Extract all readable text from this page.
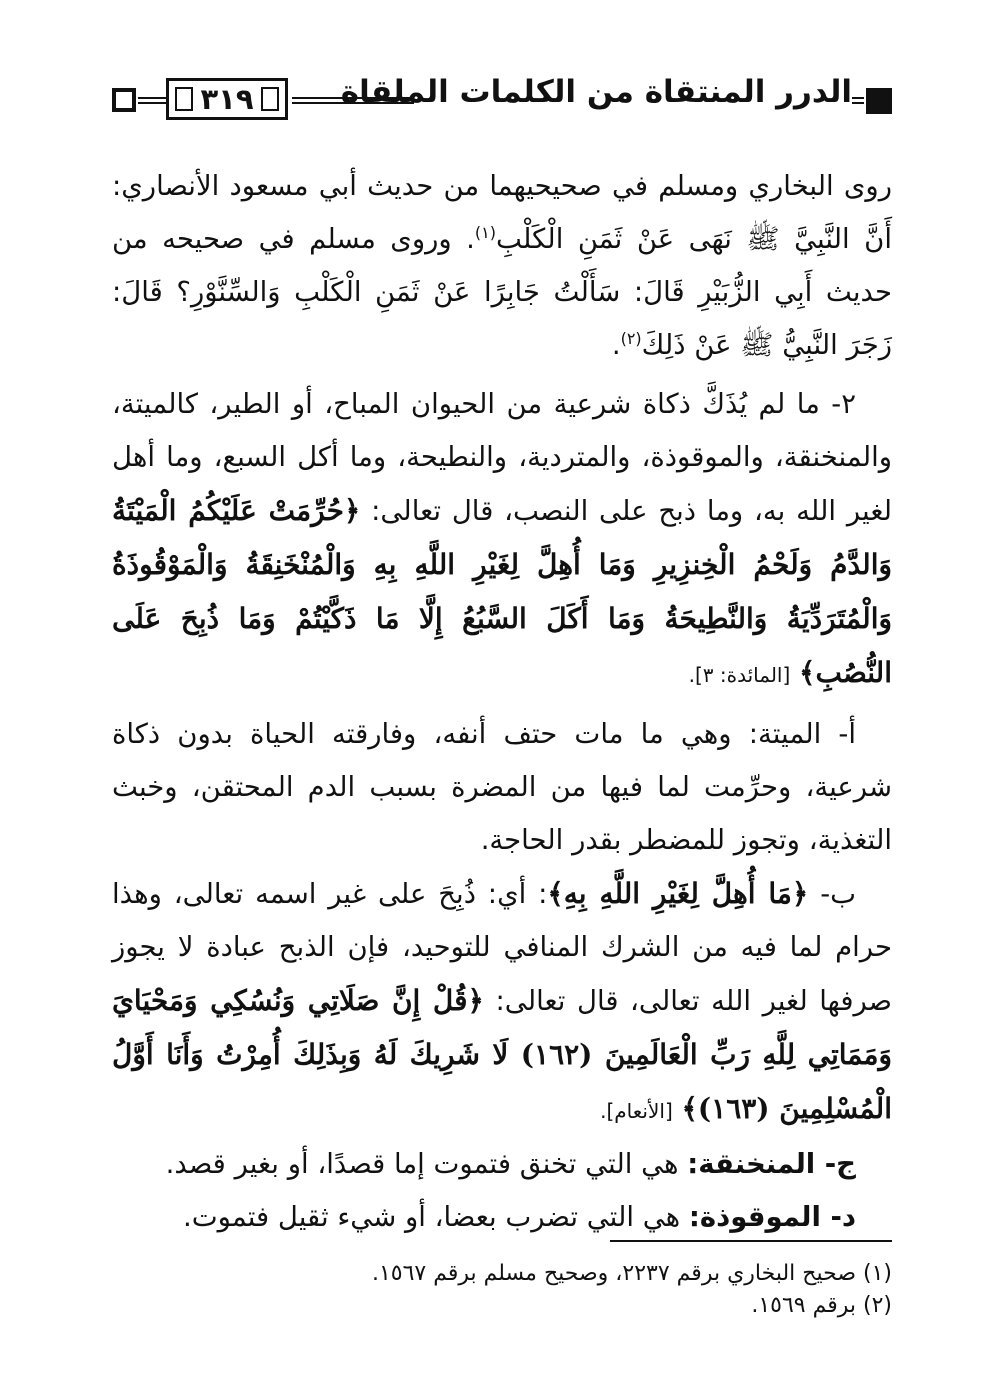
الدرر المنتقاة من الكلمات الملقاة
٣١٩

روى البخاري ومسلم في صحيحيهما من حديث أبي مسعود الأنصاري: أَنَّ النَّبِيَّ ﷺ نَهَى عَنْ ثَمَنِ الْكَلْبِ$^{(١)}$. وروى مسلم في صحيحه من حديث أَبِي الزُّبَيْرِ قَالَ: سَأَلْتُ جَابِرًا عَنْ ثَمَنِ الْكَلْبِ وَالسِّنَّوْرِ؟ قَالَ: زَجَرَ النَّبِيُّ ﷺ عَنْ ذَلِكَ$^{(٢)}$.

٢- ما لم يُذَكَّ ذكاة شرعية من الحيوان المباح، أو الطير، كالميتة، والمنخنقة، والموقوذة، والمتردية، والنطيحة، وما أكل السبع، وما أهل لغير الله به، وما ذبح على النصب، قال تعالى: ﴿حُرِّمَتْ عَلَيْكُمُ الْمَيْتَةُ وَالدَّمُ وَلَحْمُ الْخِنزِيرِ وَمَا أُهِلَّ لِغَيْرِ اللَّهِ بِهِ وَالْمُنْخَنِقَةُ وَالْمَوْقُوذَةُ وَالْمُتَرَدِّيَةُ وَالنَّطِيحَةُ وَمَا أَكَلَ السَّبُعُ إِلَّا مَا ذَكَّيْتُمْ وَمَا ذُبِحَ عَلَى النُّصُبِ﴾ [المائدة: ٣].

أ- الميتة: وهي ما مات حتف أنفه، وفارقته الحياة بدون ذكاة شرعية، وحرِّمت لما فيها من المضرة بسبب الدم المحتقن، وخبث التغذية، وتجوز للمضطر بقدر الحاجة.

ب- ﴿مَا أُهِلَّ لِغَيْرِ اللَّهِ بِهِ﴾: أي: ذُبِحَ على غير اسمه تعالى، وهذا حرام لما فيه من الشرك المنافي للتوحيد، فإن الذبح عبادة لا يجوز صرفها لغير الله تعالى، قال تعالى: ﴿قُلْ إِنَّ صَلَاتِي وَنُسُكِي وَمَحْيَايَ وَمَمَاتِي لِلَّهِ رَبِّ الْعَالَمِينَ (١٦٢) لَا شَرِيكَ لَهُ وَبِذَلِكَ أُمِرْتُ وَأَنَا أَوَّلُ الْمُسْلِمِينَ (١٦٣)﴾ [الأنعام].

ج- المنخنقة: هي التي تخنق فتموت إما قصدًا، أو بغير قصد.

د- الموقوذة: هي التي تضرب بعضا، أو شيء ثقيل فتموت.

(١) صحيح البخاري برقم ٢٢٣٧، وصحيح مسلم برقم ١٥٦٧.

(٢) برقم ١٥٦٩.
